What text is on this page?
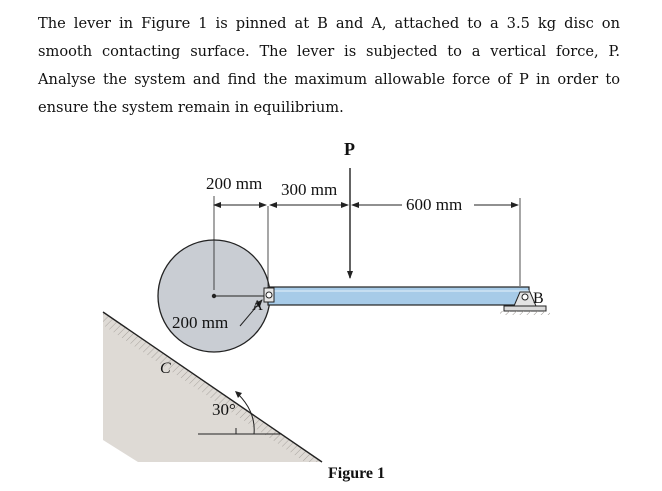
The lever in Figure 1 is pinned at B and A, attached to a 3.5 kg disc on smooth contacting surface. The lever is subjected to a vertical force, P. Analyse the system and find the maximum allowable force of P in order to ensure the system remain in equilibrium.

P
200 mm 300 mm
600 mm
200 mm
A	B
C
30°
Figure 1
